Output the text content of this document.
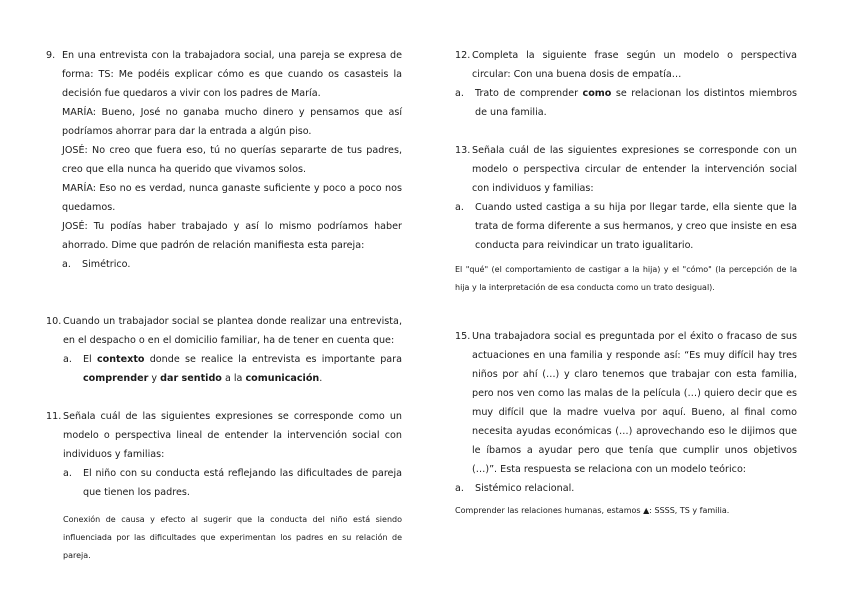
9. En una entrevista con la trabajadora social, una pareja se expresa de forma: TS: Me podéis explicar cómo es que cuando os casasteis la decisión fue quedaros a vivir con los padres de María.
MARÍA: Bueno, José no ganaba mucho dinero y pensamos que así podríamos ahorrar para dar la entrada a algún piso.
JOSÉ: No creo que fuera eso, tú no querías separarte de tus padres, creo que ella nunca ha querido que vivamos solos.
MARÍA: Eso no es verdad, nunca ganaste suficiente y poco a poco nos quedamos.
JOSÉ: Tu podías haber trabajado y así lo mismo podríamos haber ahorrado. Dime que padrón de relación manifiesta esta pareja:
a. Simétrico.
10. Cuando un trabajador social se plantea donde realizar una entrevista, en el despacho o en el domicilio familiar, ha de tener en cuenta que:
a. El contexto donde se realice la entrevista es importante para comprender y dar sentido a la comunicación.
11. Señala cuál de las siguientes expresiones se corresponde como un modelo o perspectiva lineal de entender la intervención social con individuos y familias:
a. El niño con su conducta está reflejando las dificultades de pareja que tienen los padres.
Conexión de causa y efecto al sugerir que la conducta del niño está siendo influenciada por las dificultades que experimentan los padres en su relación de pareja.
12. Completa la siguiente frase según un modelo o perspectiva circular: Con una buena dosis de empatía…
a. Trato de comprender como se relacionan los distintos miembros de una familia.
13. Señala cuál de las siguientes expresiones se corresponde con un modelo o perspectiva circular de entender la intervención social con individuos y familias:
a. Cuando usted castiga a su hija por llegar tarde, ella siente que la trata de forma diferente a sus hermanos, y creo que insiste en esa conducta para reivindicar un trato igualitario.
El "qué" (el comportamiento de castigar a la hija) y el "cómo" (la percepción de la hija y la interpretación de esa conducta como un trato desigual).
15. Una trabajadora social es preguntada por el éxito o fracaso de sus actuaciones en una familia y responde así: “Es muy difícil hay tres niños por ahí (…) y claro tenemos que trabajar con esta familia, pero nos ven como las malas de la película (…) quiero decir que es muy difícil que la madre vuelva por aquí. Bueno, al final como necesita ayudas económicas (…) aprovechando eso le dijimos que le íbamos a ayudar pero que tenía que cumplir unos objetivos (…)”. Esta respuesta se relaciona con un modelo teórico:
a. Sistémico relacional.
Comprender las relaciones humanas, estamos ▲: SSSS, TS y familia.
